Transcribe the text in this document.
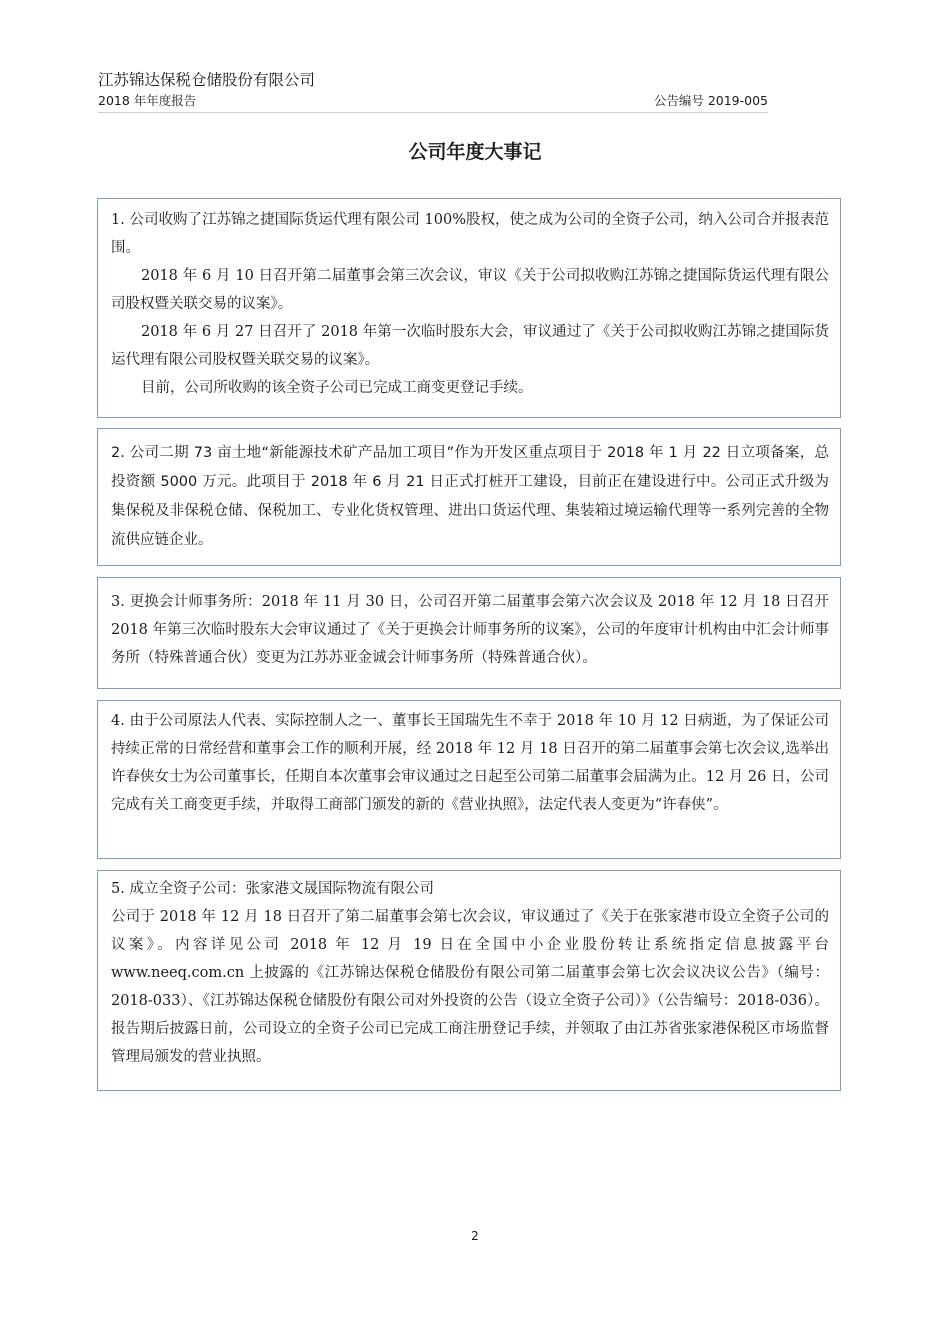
江苏锦达保税仓储股份有限公司
2018 年年度报告	公告编号 2019-005
公司年度大事记

1. 公司收购了江苏锦之捷国际货运代理有限公司 100%股权，使之成为公司的全资子公司，纳入公司合并报表范围。

2018 年 6 月 10 日召开第二届董事会第三次会议，审议《关于公司拟收购江苏锦之捷国际货运代理有限公司股权暨关联交易的议案》。

2018 年 6 月 27 日召开了 2018 年第一次临时股东大会，审议通过了《关于公司拟收购江苏锦之捷国际货运代理有限公司股权暨关联交易的议案》。

目前，公司所收购的该全资子公司已完成工商变更登记手续。

2. 公司二期 73 亩土地“新能源技术矿产品加工项目”作为开发区重点项目于 2018 年 1 月 22 日立项备案，总投资额 5000 万元。此项目于 2018 年 6 月 21 日正式打桩开工建设，目前正在建设进行中。公司正式升级为集保税及非保税仓储、保税加工、专业化货权管理、进出口货运代理、集装箱过境运输代理等一系列完善的全物流供应链企业。

3. 更换会计师事务所：2018 年 11 月 30 日，公司召开第二届董事会第六次会议及 2018 年 12 月 18 日召开 2018 年第三次临时股东大会审议通过了《关于更换会计师事务所的议案》，公司的年度审计机构由中汇会计师事务所（特殊普通合伙）变更为江苏苏亚金诚会计师事务所（特殊普通合伙）。

4. 由于公司原法人代表、实际控制人之一、董事长王国瑞先生不幸于 2018 年 10 月 12 日病逝，为了保证公司持续正常的日常经营和董事会工作的顺利开展，经 2018 年 12 月 18 日召开的第二届董事会第七次会议,选举出许春侠女士为公司董事长，任期自本次董事会审议通过之日起至公司第二届董事会届满为止。12 月 26 日，公司完成有关工商变更手续，并取得工商部门颁发的新的《营业执照》，法定代表人变更为“许春侠”。

5. 成立全资子公司：张家港文晟国际物流有限公司

公司于 2018 年 12 月 18 日召开了第二届董事会第七次会议，审议通过了《关于在张家港市设立全资子公司的议案》。内容详见公司 2018 年 12 月 19 日在全国中小企业股份转让系统指定信息披露平台 www.neeq.com.cn 上披露的《江苏锦达保税仓储股份有限公司第二届董事会第七次会议决议公告》（编号：2018-033）、《江苏锦达保税仓储股份有限公司对外投资的公告（设立全资子公司）》（公告编号：2018-036）。报告期后披露日前，公司设立的全资子公司已完成工商注册登记手续，并领取了由江苏省张家港保税区市场监督管理局颁发的营业执照。

2
